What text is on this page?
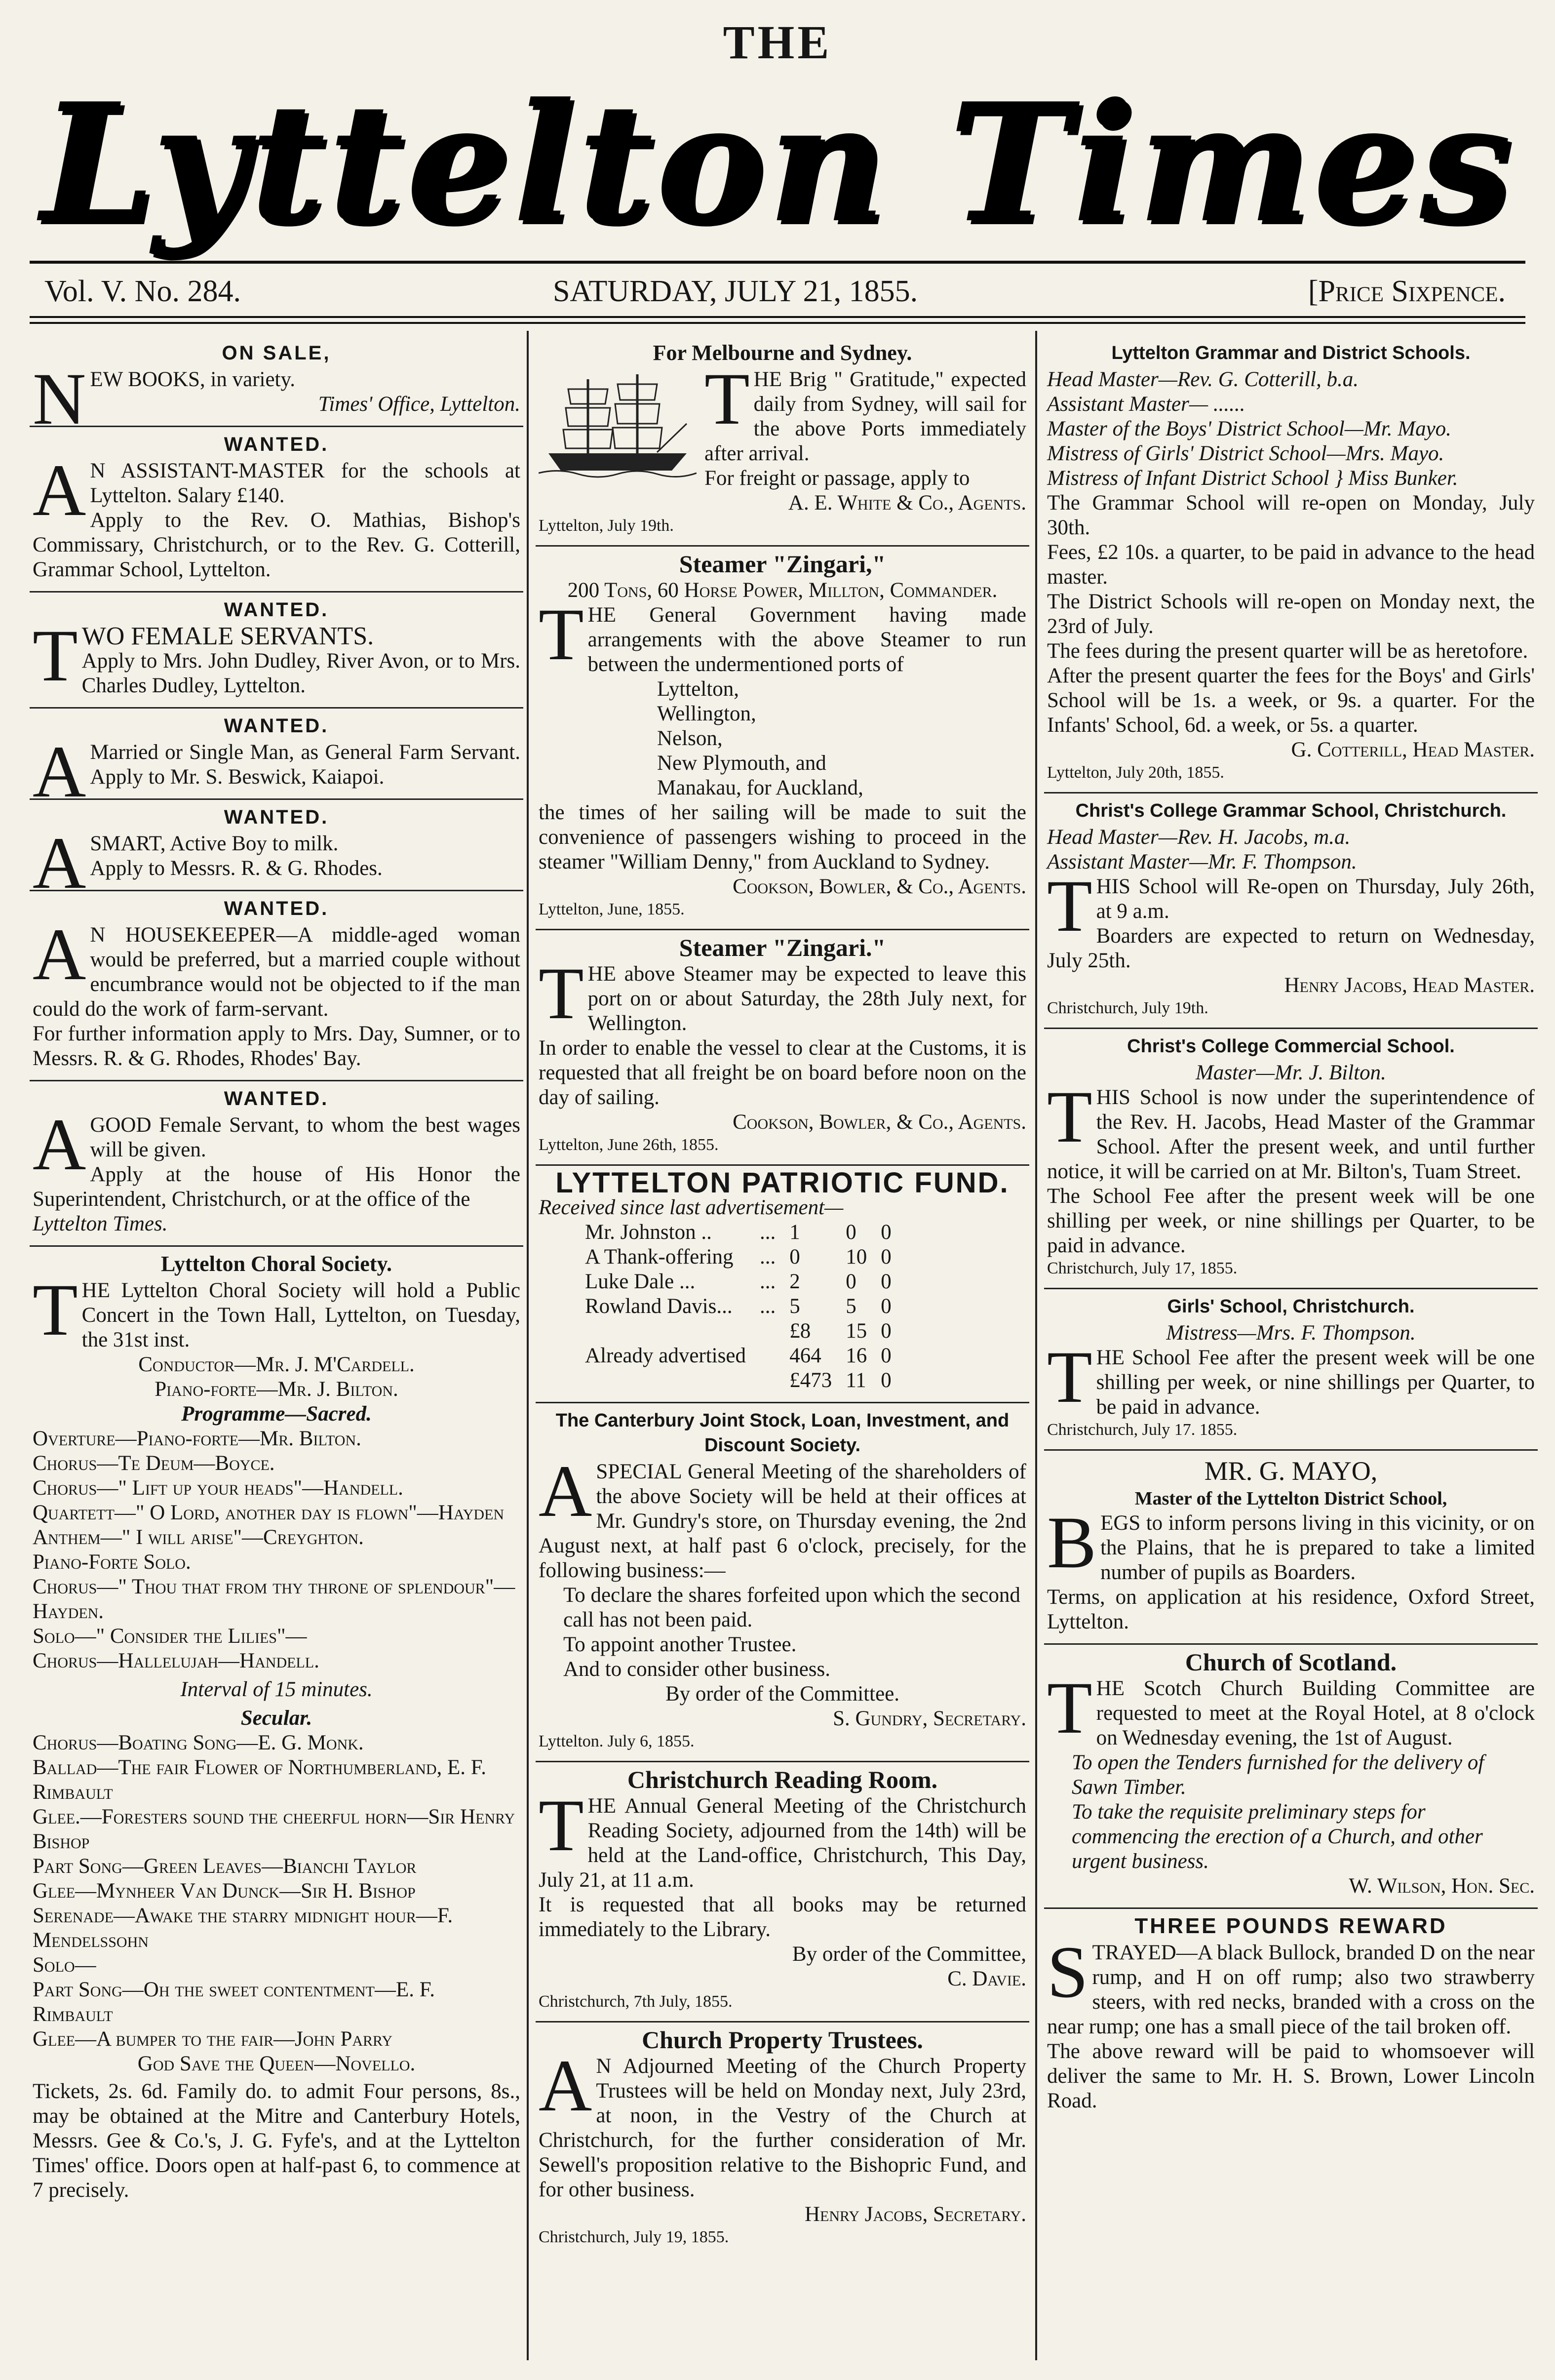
THE
Lyttelton Times
Vol. V. No. 284.	SATURDAY, JULY 21, 1855.	[Price Sixpence.
ON SALE,
NEW BOOKS, in variety.
Times' Office, Lyttelton.
WANTED.
AN ASSISTANT-MASTER for the schools at Lyttelton. Salary £140.
Apply to the Rev. O. Mathias, Bishop's Commissary, Christchurch, or to the Rev. G. Cotterill, Grammar School, Lyttelton.
WANTED.
TWO FEMALE SERVANTS.
Apply to Mrs. John Dudley, River Avon, or to Mrs. Charles Dudley, Lyttelton.
WANTED.
AMarried or Single Man, as General Farm Servant. Apply to Mr. S. Beswick, Kaiapoi.
WANTED.
ASMART, Active Boy to milk.
Apply to Messrs. R. & G. Rhodes.
WANTED.
AN HOUSEKEEPER—A middle-aged woman would be preferred, but a married couple without encumbrance would not be objected to if the man could do the work of farm-servant.
For further information apply to Mrs. Day, Sumner, or to Messrs. R. & G. Rhodes, Rhodes' Bay.
WANTED.
AGOOD Female Servant, to whom the best wages will be given.
Apply at the house of His Honor the Superintendent, Christchurch, or at the office of the
Lyttelton Times.
Lyttelton Choral Society.
THE Lyttelton Choral Society will hold a Public Concert in the Town Hall, Lyttelton, on Tuesday, the 31st inst.
Conductor—Mr. J. M'Cardell.
Piano-forte—Mr. J. Bilton.
Programme—Sacred.
Overture—Piano-forte—Mr. Bilton.
Chorus—Te Deum—Boyce.
Chorus—" Lift up your heads"—Handell.
Quartett—" O Lord, another day is flown"—Hayden
Anthem—" I will arise"—Creyghton.
Piano-Forte Solo.
Chorus—" Thou that from thy throne of splendour"—Hayden.
Solo—" Consider the Lilies"—
Chorus—Hallelujah—Handell.
Interval of 15 minutes.
Secular.
Chorus—Boating Song—E. G. Monk.
Ballad—The fair Flower of Northumberland, E. F. Rimbault
Glee.—Foresters sound the cheerful horn—Sir Henry Bishop
Part Song—Green Leaves—Bianchi Taylor
Glee—Mynheer Van Dunck—Sir H. Bishop
Serenade—Awake the starry midnight hour—F. Mendelssohn
Solo—
Part Song—Oh the sweet contentment—E. F. Rimbault
Glee—A bumper to the fair—John Parry
God Save the Queen—Novello.
Tickets, 2s. 6d. Family do. to admit Four persons, 8s., may be obtained at the Mitre and Canterbury Hotels, Messrs. Gee & Co.'s, J. G. Fyfe's, and at the Lyttelton Times' office. Doors open at half-past 6, to commence at 7 precisely.
For Melbourne and Sydney.
THE Brig " Gratitude," expected daily from Sydney, will sail for the above Ports immediately after arrival.
For freight or passage, apply to
A. E. White & Co., Agents.
Lyttelton, July 19th.
Steamer "Zingari,"
200 Tons, 60 Horse Power, Millton, Commander.
THE General Government having made arrangements with the above Steamer to run between the undermentioned ports of
Lyttelton,
Wellington,
Nelson,
New Plymouth, and
Manakau, for Auckland,
the times of her sailing will be made to suit the convenience of passengers wishing to proceed in the steamer "William Denny," from Auckland to Sydney.
Cookson, Bowler, & Co., Agents.
Lyttelton, June, 1855.
Steamer "Zingari."
THE above Steamer may be expected to leave this port on or about Saturday, the 28th July next, for Wellington.
In order to enable the vessel to clear at the Customs, it is requested that all freight be on board before noon on the day of sailing.
Cookson, Bowler, & Co., Agents.
Lyttelton, June 26th, 1855.
LYTTELTON PATRIOTIC FUND.
Received since last advertisement—
Mr. Johnston ..	...	1	0	0
A Thank-offering	...	0	10	0
Luke Dale ...	...	2	0	0
Rowland Davis...	...	5	5	0
		£8	15	0
Already advertised		464	16	0
		£473	11	0
The Canterbury Joint Stock, Loan, Investment, and Discount Society.
ASPECIAL General Meeting of the shareholders of the above Society will be held at their offices at Mr. Gundry's store, on Thursday evening, the 2nd August next, at half past 6 o'clock, precisely, for the following business:—
To declare the shares forfeited upon which the second call has not been paid.
To appoint another Trustee.
And to consider other business.
By order of the Committee.
S. Gundry, Secretary.
Lyttelton. July 6, 1855.
Christchurch Reading Room.
THE Annual General Meeting of the Christchurch Reading Society, adjourned from the 14th) will be held at the Land-office, Christchurch, This Day, July 21, at 11 a.m.
It is requested that all books may be returned immediately to the Library.
By order of the Committee,
C. Davie.
Christchurch, 7th July, 1855.
Church Property Trustees.
AN Adjourned Meeting of the Church Property Trustees will be held on Monday next, July 23rd, at noon, in the Vestry of the Church at Christchurch, for the further consideration of Mr. Sewell's proposition relative to the Bishopric Fund, and for other business.
Henry Jacobs, Secretary.
Christchurch, July 19, 1855.
Lyttelton Grammar and District Schools.
Head Master—Rev. G. Cotterill, b.a.
Assistant Master— ......
Master of the Boys' District School—Mr. Mayo.
Mistress of Girls' District School—Mrs. Mayo.
Mistress of Infant District School } Miss Bunker.
The Grammar School will re-open on Monday, July 30th.
Fees, £2 10s. a quarter, to be paid in advance to the head master.
The District Schools will re-open on Monday next, the 23rd of July.
The fees during the present quarter will be as heretofore.
After the present quarter the fees for the Boys' and Girls' School will be 1s. a week, or 9s. a quarter. For the Infants' School, 6d. a week, or 5s. a quarter.
G. Cotterill, Head Master.
Lyttelton, July 20th, 1855.
Christ's College Grammar School, Christchurch.
Head Master—Rev. H. Jacobs, m.a.
Assistant Master—Mr. F. Thompson.
THIS School will Re-open on Thursday, July 26th, at 9 a.m.
Boarders are expected to return on Wednesday, July 25th.
Henry Jacobs, Head Master.
Christchurch, July 19th.
Christ's College Commercial School.
Master—Mr. J. Bilton.
THIS School is now under the superintendence of the Rev. H. Jacobs, Head Master of the Grammar School. After the present week, and until further notice, it will be carried on at Mr. Bilton's, Tuam Street.
The School Fee after the present week will be one shilling per week, or nine shillings per Quarter, to be paid in advance.
Christchurch, July 17, 1855.
Girls' School, Christchurch.
Mistress—Mrs. F. Thompson.
THE School Fee after the present week will be one shilling per week, or nine shillings per Quarter, to be paid in advance.
Christchurch, July 17. 1855.
MR. G. MAYO,
Master of the Lyttelton District School,
BEGS to inform persons living in this vicinity, or on the Plains, that he is prepared to take a limited number of pupils as Boarders.
Terms, on application at his residence, Oxford Street, Lyttelton.
Church of Scotland.
THE Scotch Church Building Committee are requested to meet at the Royal Hotel, at 8 o'clock on Wednesday evening, the 1st of August.
To open the Tenders furnished for the delivery of Sawn Timber.
To take the requisite preliminary steps for commencing the erection of a Church, and other urgent business.
W. Wilson, Hon. Sec.
THREE POUNDS REWARD
STRAYED—A black Bullock, branded D on the near rump, and H on off rump; also two strawberry steers, with red necks, branded with a cross on the near rump; one has a small piece of the tail broken off.
The above reward will be paid to whomsoever will deliver the same to Mr. H. S. Brown, Lower Lincoln Road.
